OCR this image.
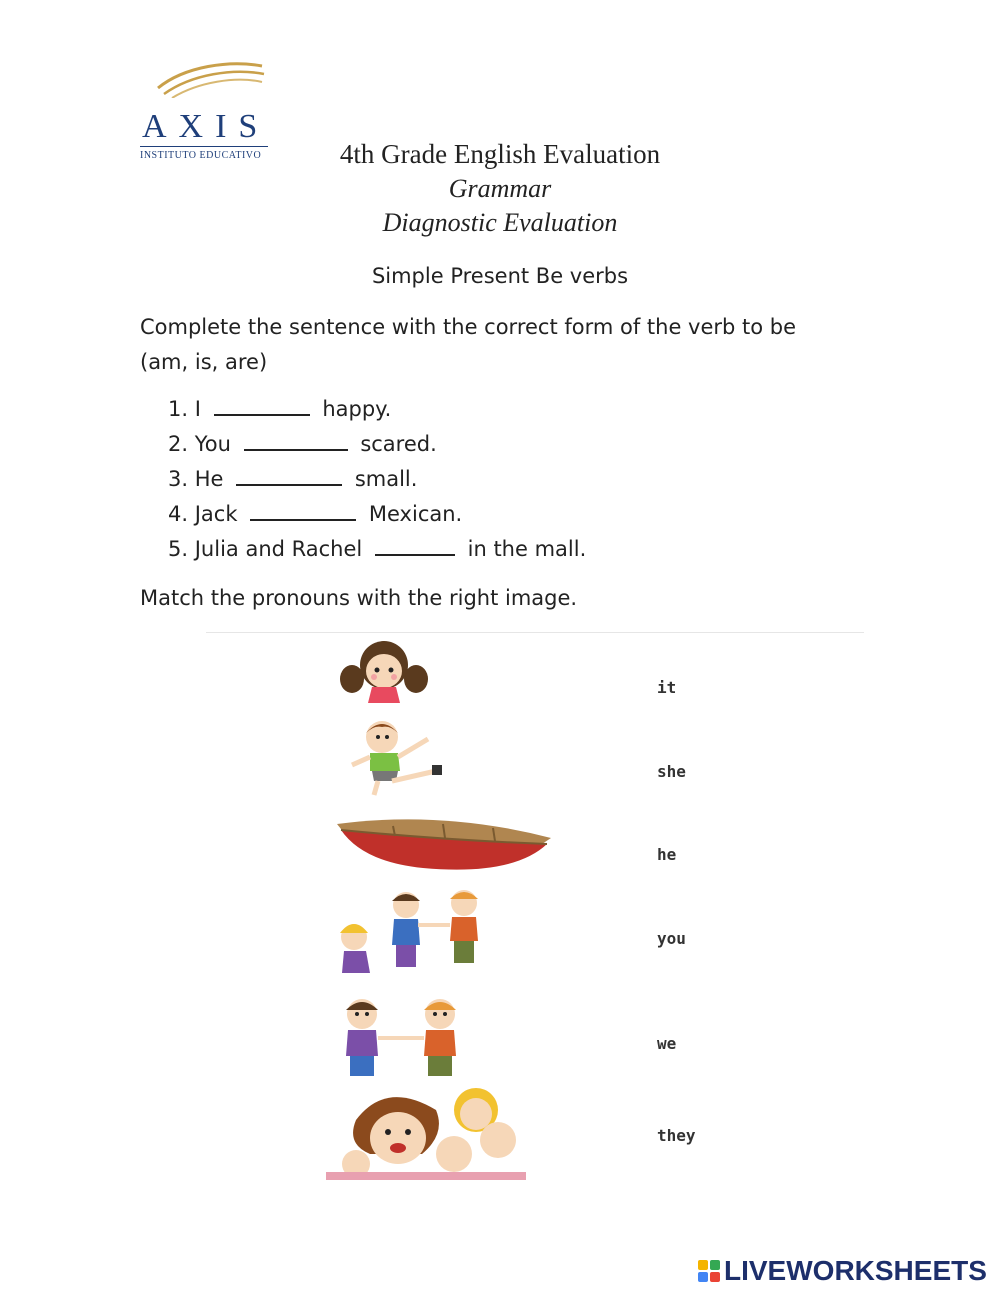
AXIS
INSTITUTO EDUCATIVO	4th Grade English Evaluation
Grammar
Diagnostic Evaluation
Simple Present Be verbs
Complete the sentence with the correct form of the verb to be
(am, is, are)
1. I	happy.
2. You	scared.
3. He	small.
4. Jack	Mexican.
5. Julia and Rachel	in the mall.
Match the pronouns with the right image.
it
she
he
you
we
they
LIVEWORKSHEETS
